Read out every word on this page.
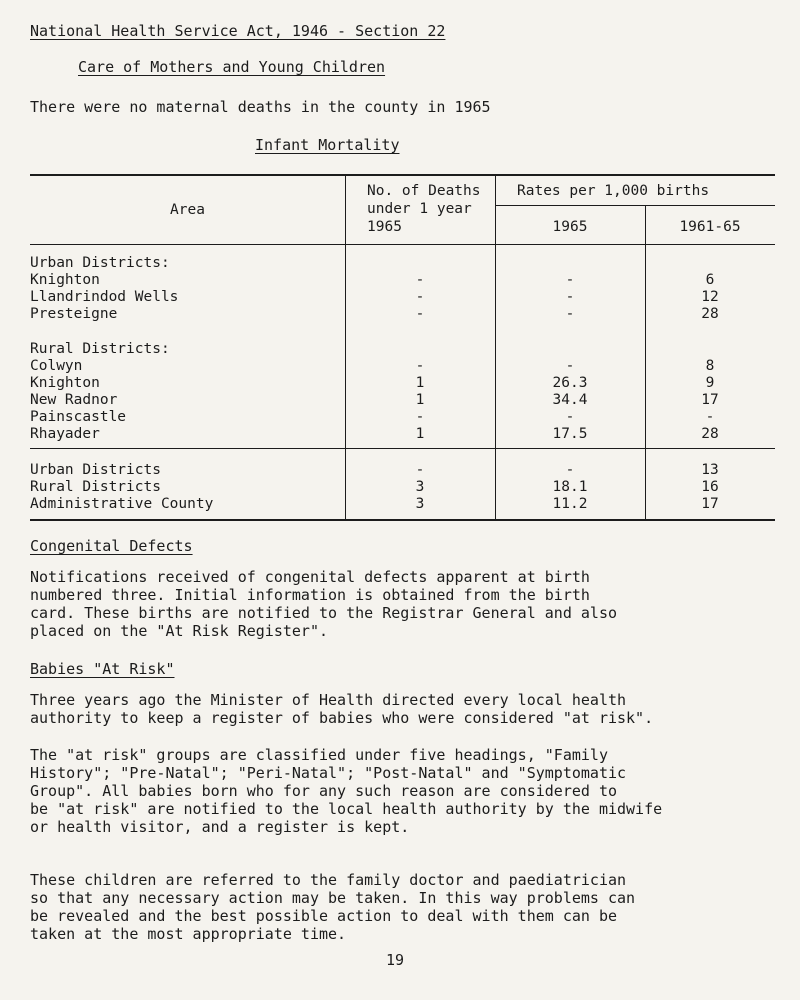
National Health Service Act, 1946 - Section 22
Care of Mothers and Young Children
There were no maternal deaths in the county in 1965
Infant Mortality
Area
No. of Deaths
under 1 year
1965
Rates per 1,000 births
1965	1961-65
Urban Districts:
Knighton	-	-	6
Llandrindod Wells	-	-	12
Presteigne	-	-	28
Rural Districts:
Colwyn	-	-	8
Knighton	1	26.3	9
New Radnor	1	34.4	17
Painscastle	-	-	-
Rhayader	1	17.5	28
Urban Districts	-	-	13
Rural Districts	3	18.1	16
Administrative County	3	11.2	17
Congenital Defects
Notifications received of congenital defects apparent at birth
numbered three. Initial information is obtained from the birth
card. These births are notified to the Registrar General and also
placed on the "At Risk Register".
Babies "At Risk"
Three years ago the Minister of Health directed every local health
authority to keep a register of babies who were considered "at risk".
The "at risk" groups are classified under five headings, "Family
History"; "Pre-Natal"; "Peri-Natal"; "Post-Natal" and "Symptomatic
Group". All babies born who for any such reason are considered to
be "at risk" are notified to the local health authority by the midwife
or health visitor, and a register is kept.
These children are referred to the family doctor and paediatrician
so that any necessary action may be taken. In this way problems can
be revealed and the best possible action to deal with them can be
taken at the most appropriate time.
19
